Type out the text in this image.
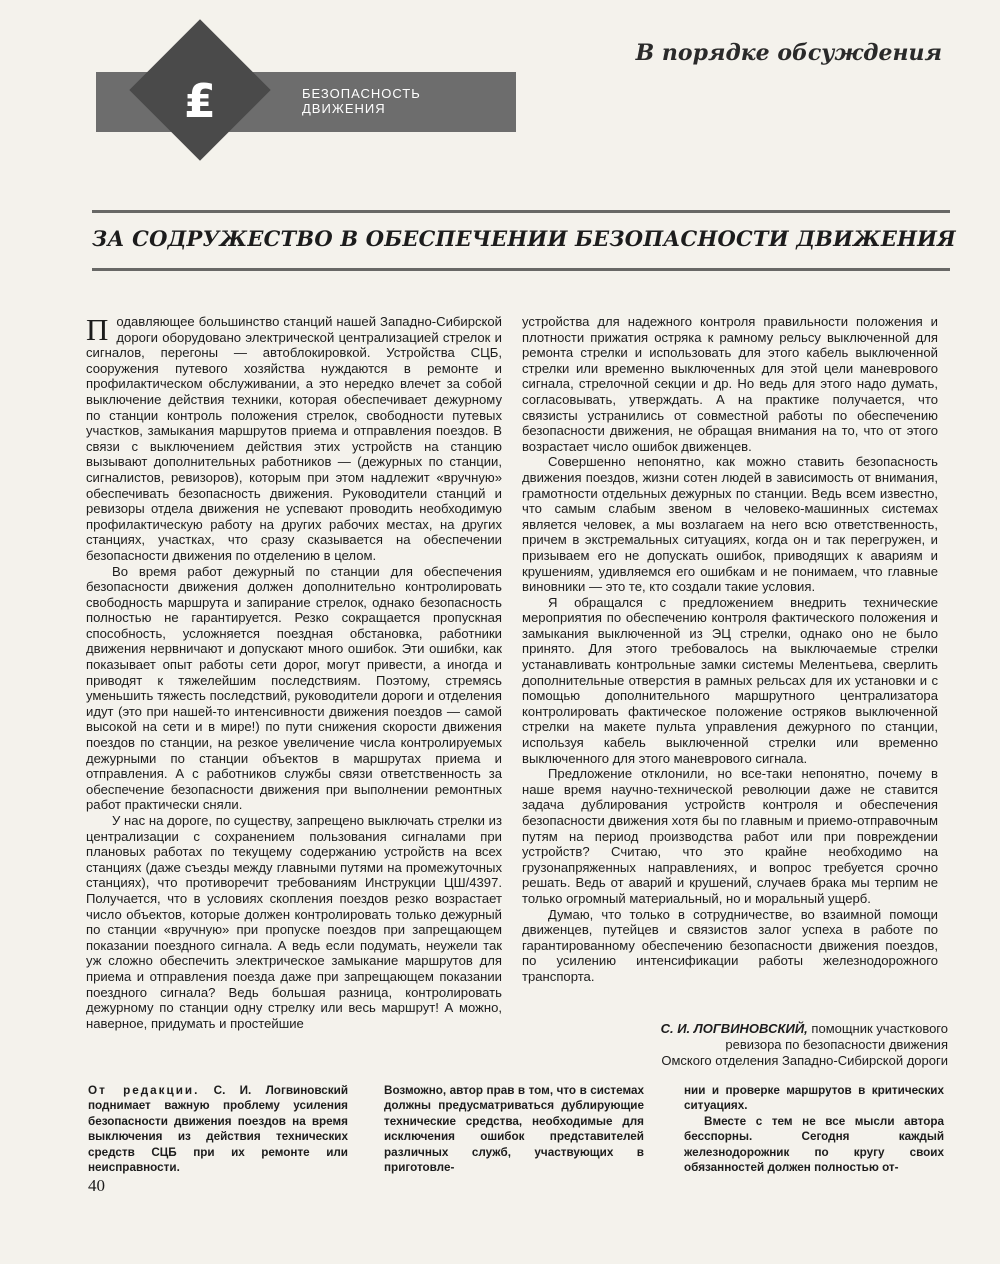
В порядке обсуждения
₤	БЕЗОПАСНОСТЬ
ДВИЖЕНИЯ
ЗА СОДРУЖЕСТВО В ОБЕСПЕЧЕНИИ БЕЗОПАСНОСТИ ДВИЖЕНИЯ

Подавляющее большинство станций нашей Западно-Сибирской дороги оборудовано электрической централизацией стрелок и сигналов, перегоны — автоблокировкой. Устройства СЦБ, сооружения путевого хозяйства нуждаются в ремонте и профилактическом обслуживании, а это нередко влечет за собой выключение действия техники, которая обеспечивает дежурному по станции контроль положения стрелок, свободности путевых участков, замыкания маршрутов приема и отправления поездов. В связи с выключением действия этих устройств на станцию вызывают дополнительных работников — (дежурных по станции, сигналистов, ревизоров), которым при этом надлежит «вручную» обеспечивать безопасность движения. Руководители станций и ревизоры отдела движения не успевают проводить необходимую профилактическую работу на других рабочих местах, на других станциях, участках, что сразу сказывается на обеспечении безопасности движения по отделению в целом.

Во время работ дежурный по станции для обеспечения безопасности движения должен дополнительно контролировать свободность маршрута и запирание стрелок, однако безопасность полностью не гарантируется. Резко сокращается пропускная способность, усложняется поездная обстановка, работники движения нервничают и допускают много ошибок. Эти ошибки, как показывает опыт работы сети дорог, могут привести, а иногда и приводят к тяжелейшим последствиям. Поэтому, стремясь уменьшить тяжесть последствий, руководители дороги и отделения идут (это при нашей-то интенсивности движения поездов — самой высокой на сети и в мире!) по пути снижения скорости движения поездов по станции, на резкое увеличение числа контролируемых дежурными по станции объектов в маршрутах приема и отправления. А с работников службы связи ответственность за обеспечение безопасности движения при выполнении ремонтных работ практически сняли.

У нас на дороге, по существу, запрещено выключать стрелки из централизации с сохранением пользования сигналами при плановых работах по текущему содержанию устройств на всех станциях (даже съезды между главными путями на промежуточных станциях), что противоречит требованиям Инструкции ЦШ/4397. Получается, что в условиях скопления поездов резко возрастает число объектов, которые должен контролировать только дежурный по станции «вручную» при пропуске поездов при запрещающем показании поездного сигнала. А ведь если подумать, неужели так уж сложно обеспечить электрическое замыкание маршрутов для приема и отправления поезда даже при запрещающем показании поездного сигнала? Ведь большая разница, контролировать дежурному по станции одну стрелку или весь маршрут! А можно, наверное, придумать и простейшие

устройства для надежного контроля правильности положения и плотности прижатия остряка к рамному рельсу выключенной для ремонта стрелки и использовать для этого кабель выключенной стрелки или временно выключенных для этой цели маневрового сигнала, стрелочной секции и др. Но ведь для этого надо думать, согласовывать, утверждать. А на практике получается, что связисты устранились от совместной работы по обеспечению безопасности движения, не обращая внимания на то, что от этого возрастает число ошибок движенцев.

Совершенно непонятно, как можно ставить безопасность движения поездов, жизни сотен людей в зависимость от внимания, грамотности отдельных дежурных по станции. Ведь всем известно, что самым слабым звеном в человеко-машинных системах является человек, а мы возлагаем на него всю ответственность, причем в экстремальных ситуациях, когда он и так перегружен, и призываем его не допускать ошибок, приводящих к авариям и крушениям, удивляемся его ошибкам и не понимаем, что главные виновники — это те, кто создали такие условия.

Я обращался с предложением внедрить технические мероприятия по обеспечению контроля фактического положения и замыкания выключенной из ЭЦ стрелки, однако оно не было принято. Для этого требовалось на выключаемые стрелки устанавливать контрольные замки системы Мелентьева, сверлить дополнительные отверстия в рамных рельсах для их установки и с помощью дополнительного маршрутного централизатора контролировать фактическое положение остряков выключенной стрелки на макете пульта управления дежурного по станции, используя кабель выключенной стрелки или временно выключенного для этого маневрового сигнала.

Предложение отклонили, но все-таки непонятно, почему в наше время научно-технической революции даже не ставится задача дублирования устройств контроля и обеспечения безопасности движения хотя бы по главным и приемо-отправочным путям на период производства работ или при повреждении устройств? Считаю, что это крайне необходимо на грузонапряженных направлениях, и вопрос требуется срочно решать. Ведь от аварий и крушений, случаев брака мы терпим не только огромный материальный, но и моральный ущерб.

Думаю, что только в сотрудничестве, во взаимной помощи движенцев, путейцев и связистов залог успеха в работе по гарантированному обеспечению безопасности движения поездов, по усилению интенсификации работы железнодорожного транспорта.

С. И. ЛОГВИНОВСКИЙ, помощник участкового
ревизора по безопасности движения
Омского отделения Западно-Сибирской дороги

От редакции. С. И. Логвиновский поднимает важную проблему усиления безопасности движения поездов на время выключения из действия технических средств СЦБ при их ремонте или неисправности.

Возможно, автор прав в том, что в системах должны предусматриваться дублирующие технические средства, необходимые для исключения ошибок представителей различных служб, участвующих в приготовле-

нии и проверке маршрутов в критических ситуациях.

Вместе с тем не все мысли автора бесспорны. Сегодня каждый железнодорожник по кругу своих обязанностей должен полностью от-

40
